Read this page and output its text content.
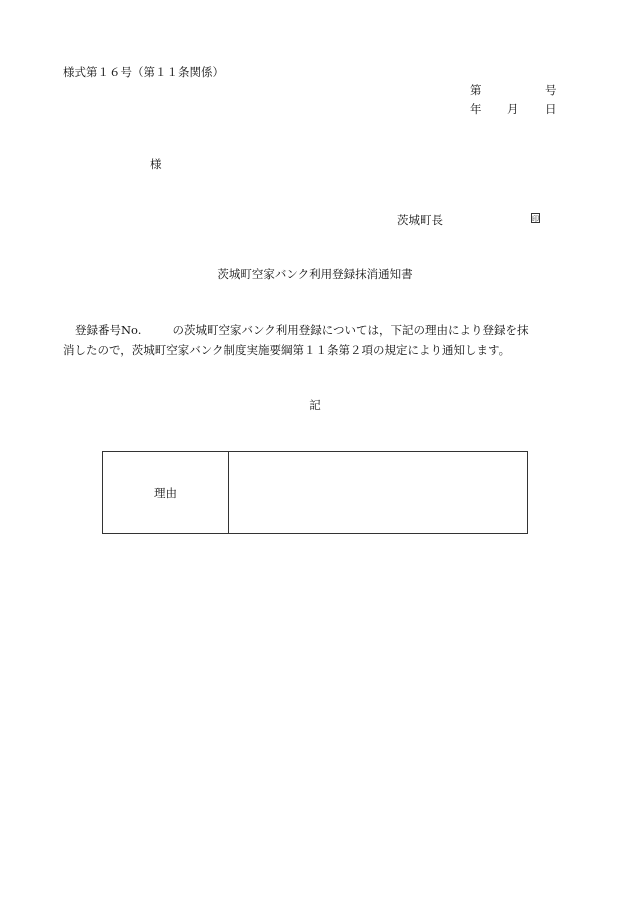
様式第１６号（第１１条関係）
第	号
年 月 日
様
茨城町長	印
茨城町空家バンク利用登録抹消通知書
登録番号No.	の茨城町空家バンク利用登録については，下記の理由により登録を抹
消したので，茨城町空家バンク制度実施要綱第１１条第２項の規定により通知します。
記
理由
